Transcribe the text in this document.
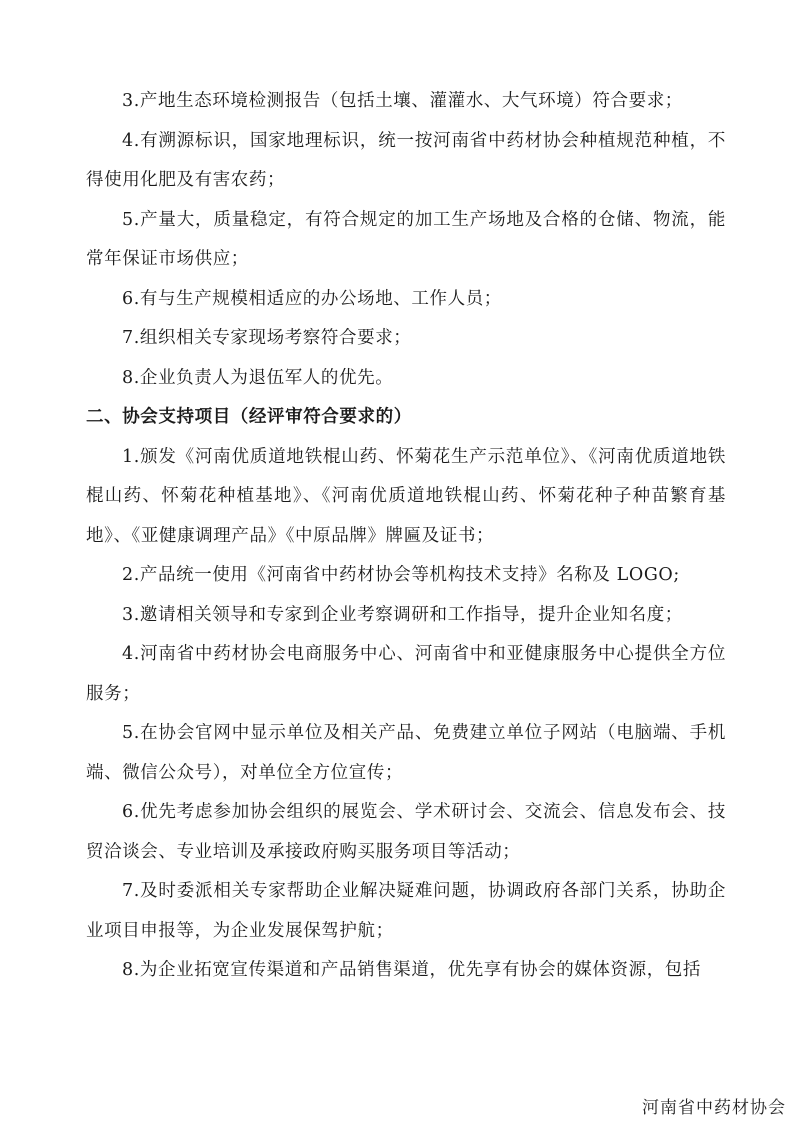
3.产地生态环境检测报告（包括土壤、灌灌水、大气环境）符合要求；

4.有溯源标识，国家地理标识，统一按河南省中药材协会种植规范种植，不得使用化肥及有害农药；

5.产量大，质量稳定，有符合规定的加工生产场地及合格的仓储、物流，能常年保证市场供应；

6.有与生产规模相适应的办公场地、工作人员；

7.组织相关专家现场考察符合要求；

8.企业负责人为退伍军人的优先。

二、协会支持项目（经评审符合要求的）

1.颁发《河南优质道地铁棍山药、怀菊花生产示范单位》、《河南优质道地铁棍山药、怀菊花种植基地》、《河南优质道地铁棍山药、怀菊花种子种苗繁育基地》、《亚健康调理产品》《中原品牌》牌匾及证书；

2.产品统一使用《河南省中药材协会等机构技术支持》名称及 LOGO;

3.邀请相关领导和专家到企业考察调研和工作指导，提升企业知名度；

4.河南省中药材协会电商服务中心、河南省中和亚健康服务中心提供全方位服务；

5.在协会官网中显示单位及相关产品、免费建立单位子网站（电脑端、手机端、微信公众号），对单位全方位宣传；

6.优先考虑参加协会组织的展览会、学术研讨会、交流会、信息发布会、技贸洽谈会、专业培训及承接政府购买服务项目等活动；

7.及时委派相关专家帮助企业解决疑难问题，协调政府各部门关系，协助企业项目申报等，为企业发展保驾护航；

8.为企业拓宽宣传渠道和产品销售渠道，优先享有协会的媒体资源，包括

河南省中药材协会
